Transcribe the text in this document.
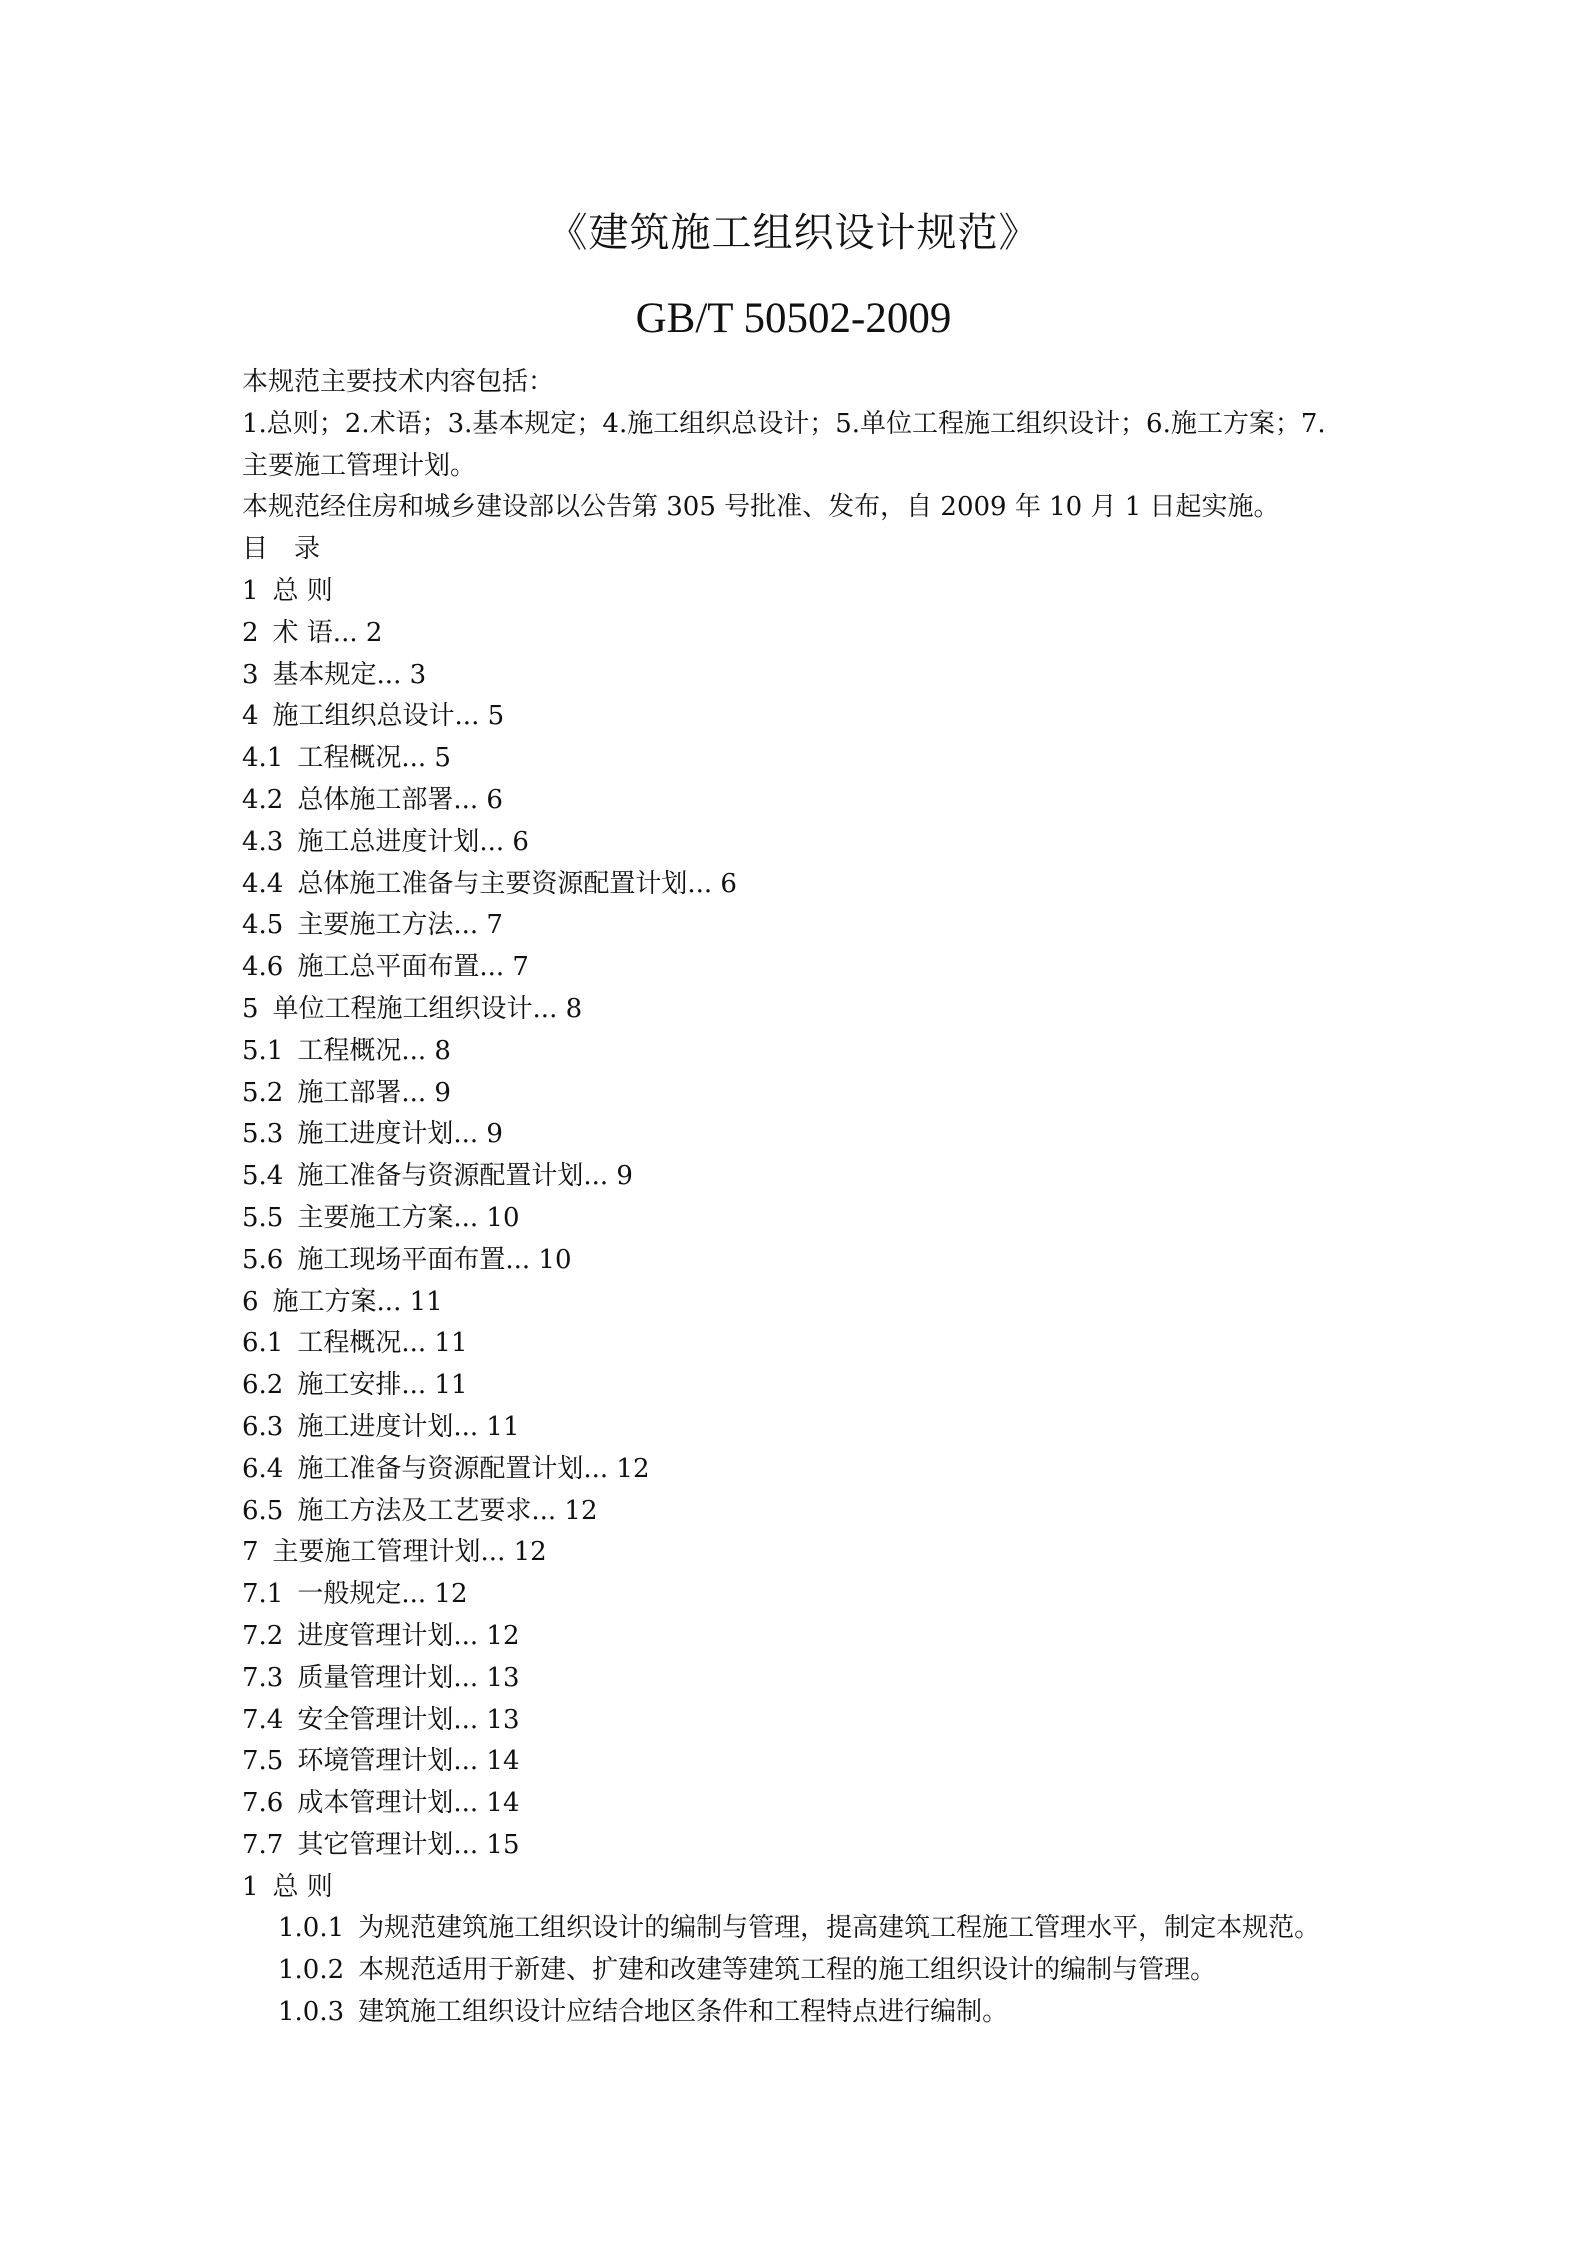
《建筑施工组织设计规范》
GB/T 50502-2009

本规范主要技术内容包括：

1.总则；2.术语；3.基本规定；4.施工组织总设计；5.单位工程施工组织设计；6.施工方案；7.

主要施工管理计划。

本规范经住房和城乡建设部以公告第 305 号批准、发布，自 2009 年 10 月 1 日起实施。

目　录

1 总 则

2 术 语... 2

3 基本规定... 3

4 施工组织总设计... 5

4.1 工程概况... 5

4.2 总体施工部署... 6

4.3 施工总进度计划... 6

4.4 总体施工准备与主要资源配置计划... 6

4.5 主要施工方法... 7

4.6 施工总平面布置... 7

5 单位工程施工组织设计... 8

5.1 工程概况... 8

5.2 施工部署... 9

5.3 施工进度计划... 9

5.4 施工准备与资源配置计划... 9

5.5 主要施工方案... 10

5.6 施工现场平面布置... 10

6 施工方案... 11

6.1 工程概况... 11

6.2 施工安排... 11

6.3 施工进度计划... 11

6.4 施工准备与资源配置计划... 12

6.5 施工方法及工艺要求... 12

7 主要施工管理计划... 12

7.1 一般规定... 12

7.2 进度管理计划... 12

7.3 质量管理计划... 13

7.4 安全管理计划... 13

7.5 环境管理计划... 14

7.6 成本管理计划... 14

7.7 其它管理计划... 15

1 总 则

1.0.1 为规范建筑施工组织设计的编制与管理，提高建筑工程施工管理水平，制定本规范。

1.0.2 本规范适用于新建、扩建和改建等建筑工程的施工组织设计的编制与管理。

1.0.3 建筑施工组织设计应结合地区条件和工程特点进行编制。
